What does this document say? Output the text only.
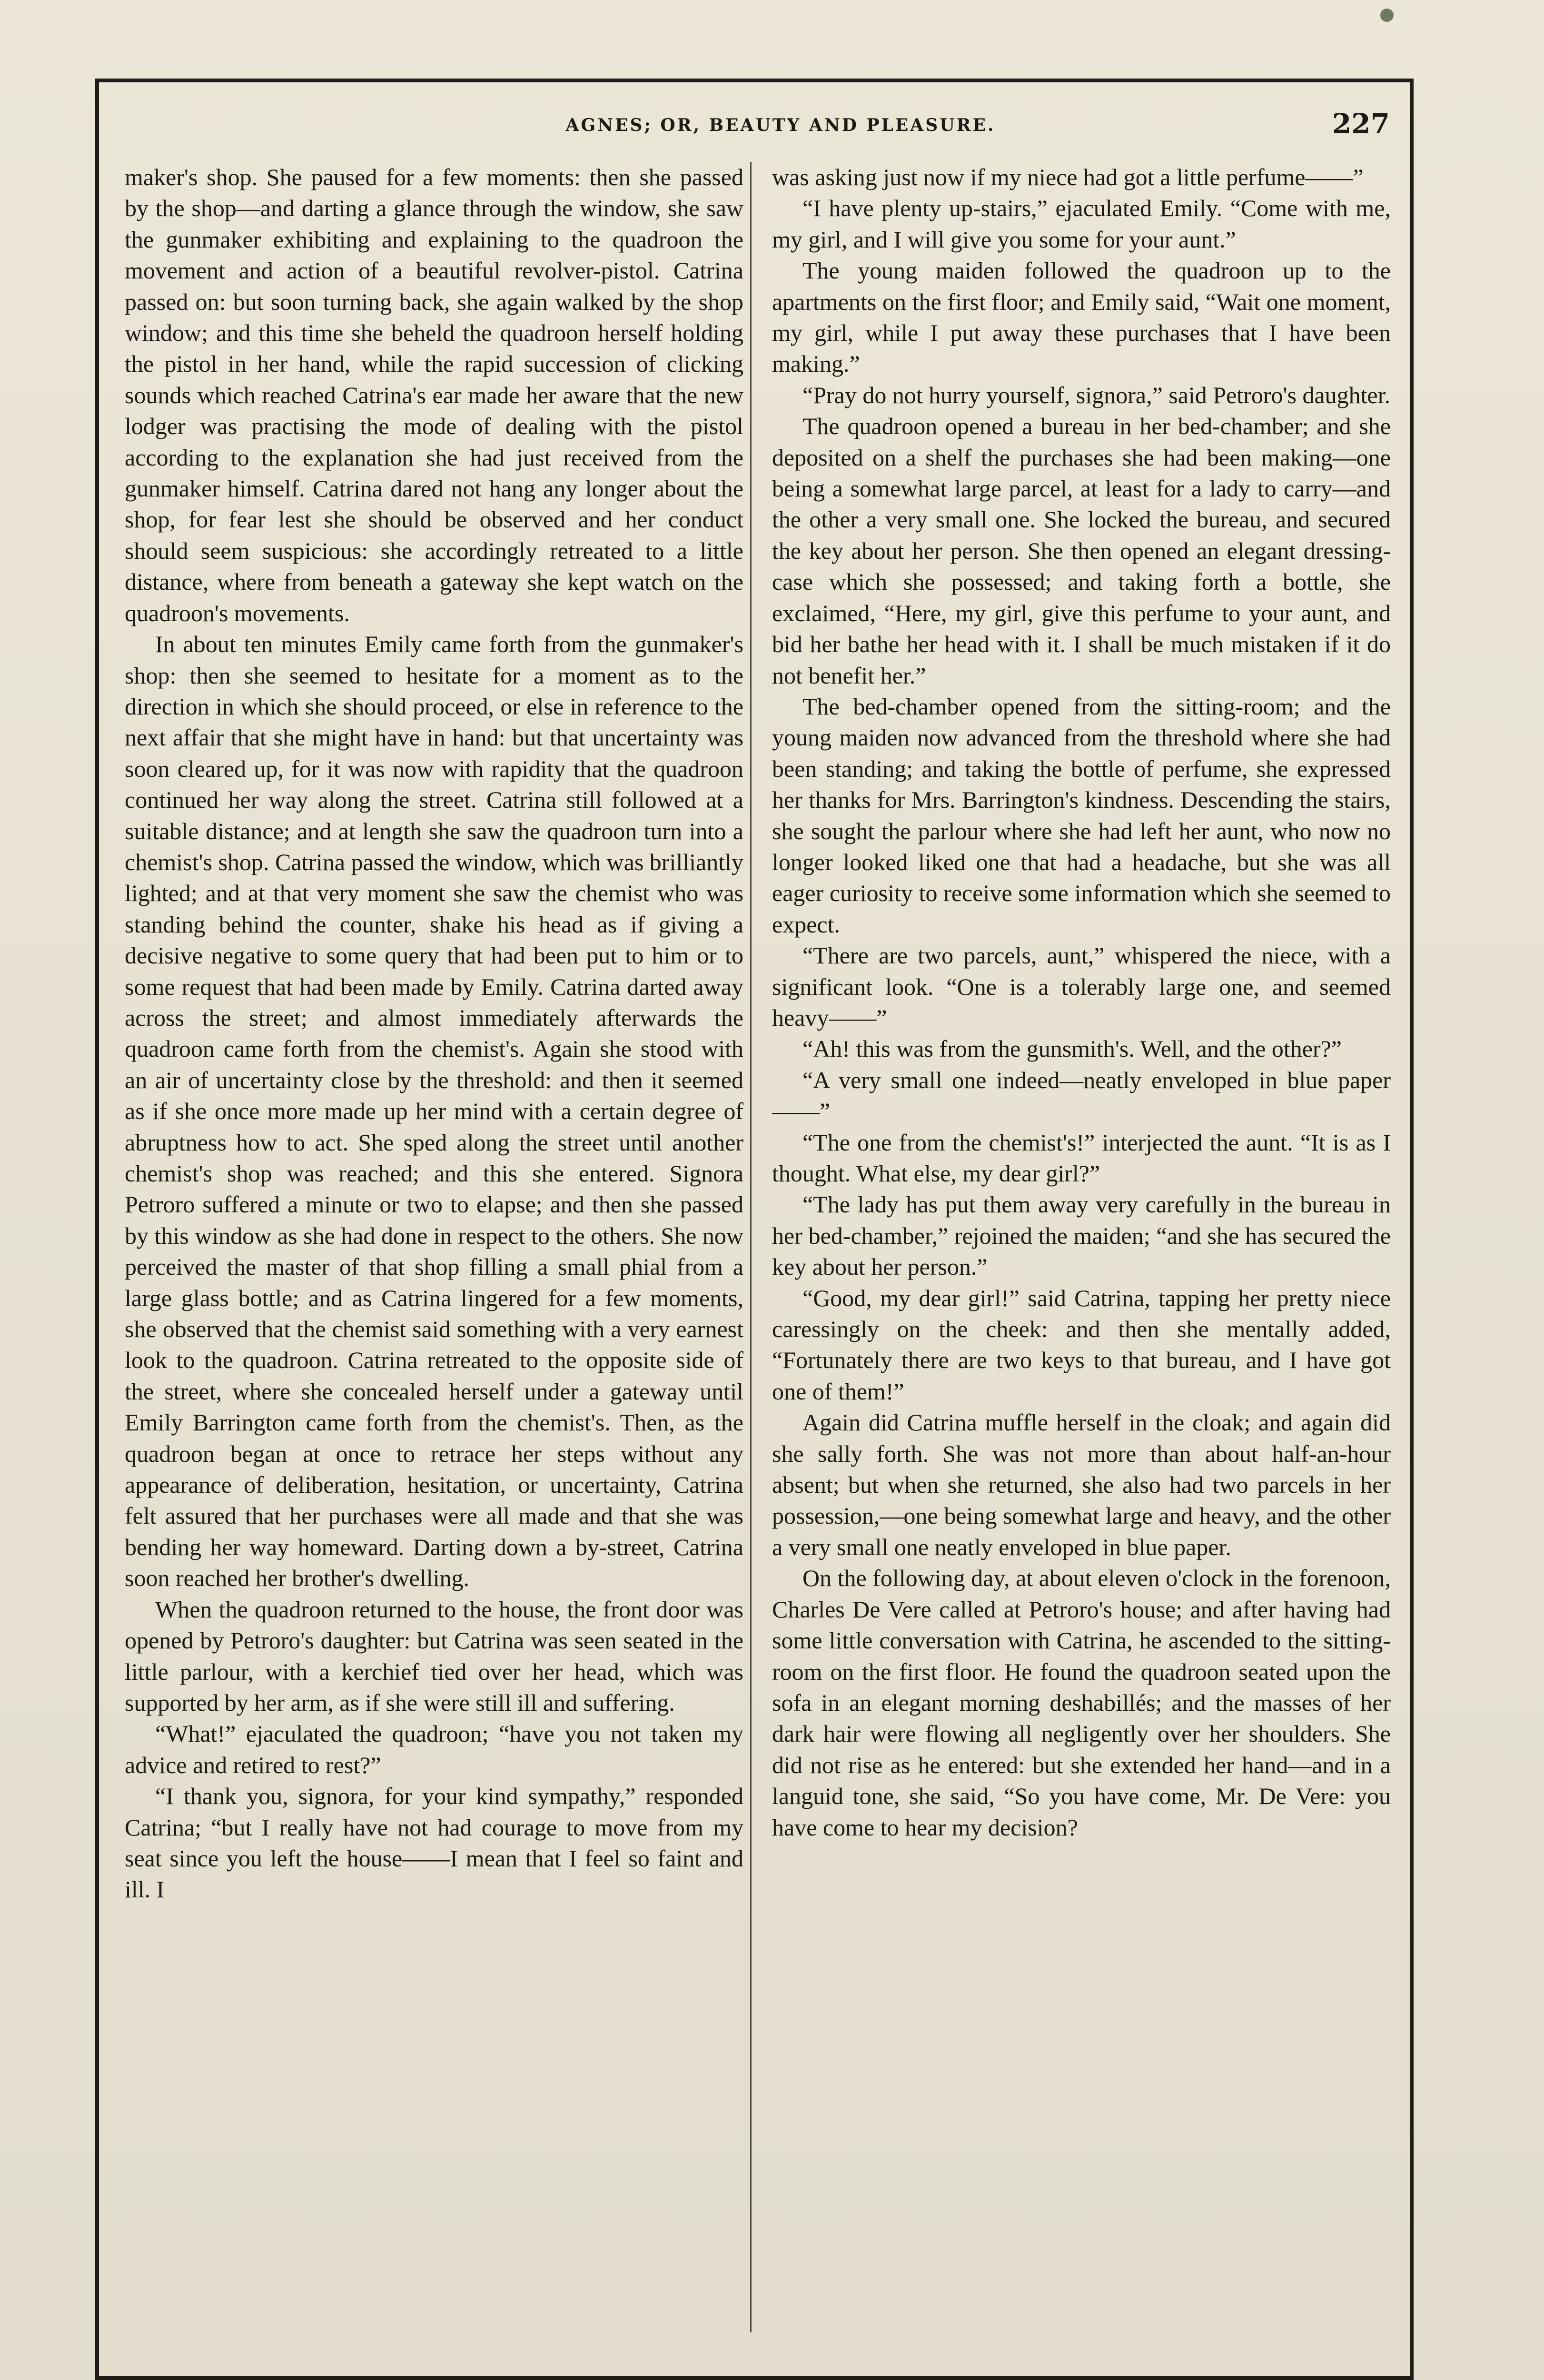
AGNES; OR, BEAUTY AND PLEASURE.	227

maker's shop. She paused for a few moments: then she passed by the shop—and darting a glance through the window, she saw the gunmaker exhibiting and explaining to the quadroon the movement and action of a beautiful revolver-pistol. Catrina passed on: but soon turning back, she again walked by the shop window; and this time she beheld the quadroon herself holding the pistol in her hand, while the rapid succession of clicking sounds which reached Catrina's ear made her aware that the new lodger was practising the mode of dealing with the pistol according to the explanation she had just received from the gunmaker himself. Catrina dared not hang any longer about the shop, for fear lest she should be observed and her conduct should seem suspicious: she accordingly retreated to a little distance, where from beneath a gateway she kept watch on the quadroon's movements.

In about ten minutes Emily came forth from the gunmaker's shop: then she seemed to hesitate for a moment as to the direction in which she should proceed, or else in reference to the next affair that she might have in hand: but that uncertainty was soon cleared up, for it was now with rapidity that the quadroon continued her way along the street. Catrina still followed at a suitable distance; and at length she saw the quadroon turn into a chemist's shop. Catrina passed the window, which was brilliantly lighted; and at that very moment she saw the chemist who was standing behind the counter, shake his head as if giving a decisive negative to some query that had been put to him or to some request that had been made by Emily. Catrina darted away across the street; and almost immediately afterwards the quadroon came forth from the chemist's. Again she stood with an air of uncertainty close by the threshold: and then it seemed as if she once more made up her mind with a certain degree of abruptness how to act. She sped along the street until another chemist's shop was reached; and this she entered. Signora Petroro suffered a minute or two to elapse; and then she passed by this window as she had done in respect to the others. She now perceived the master of that shop filling a small phial from a large glass bottle; and as Catrina lingered for a few moments, she observed that the chemist said something with a very earnest look to the quadroon. Catrina retreated to the opposite side of the street, where she concealed herself under a gateway until Emily Barrington came forth from the chemist's. Then, as the quadroon began at once to retrace her steps without any appearance of deliberation, hesitation, or uncertainty, Catrina felt assured that her purchases were all made and that she was bending her way homeward. Darting down a by-street, Catrina soon reached her brother's dwelling.

When the quadroon returned to the house, the front door was opened by Petroro's daughter: but Catrina was seen seated in the little parlour, with a kerchief tied over her head, which was supported by her arm, as if she were still ill and suffering.

“What!” ejaculated the quadroon; “have you not taken my advice and retired to rest?”

“I thank you, signora, for your kind sympathy,” responded Catrina; “but I really have not had courage to move from my seat since you left the house——I mean that I feel so faint and ill. I

was asking just now if my niece had got a little perfume——”

“I have plenty up-stairs,” ejaculated Emily. “Come with me, my girl, and I will give you some for your aunt.”

The young maiden followed the quadroon up to the apartments on the first floor; and Emily said, “Wait one moment, my girl, while I put away these purchases that I have been making.”

“Pray do not hurry yourself, signora,” said Petroro's daughter.

The quadroon opened a bureau in her bed-chamber; and she deposited on a shelf the purchases she had been making—one being a somewhat large parcel, at least for a lady to carry—and the other a very small one. She locked the bureau, and secured the key about her person. She then opened an elegant dressing-case which she possessed; and taking forth a bottle, she exclaimed, “Here, my girl, give this perfume to your aunt, and bid her bathe her head with it. I shall be much mistaken if it do not benefit her.”

The bed-chamber opened from the sitting-room; and the young maiden now advanced from the threshold where she had been standing; and taking the bottle of perfume, she expressed her thanks for Mrs. Barrington's kindness. Descending the stairs, she sought the parlour where she had left her aunt, who now no longer looked liked one that had a headache, but she was all eager curiosity to receive some information which she seemed to expect.

“There are two parcels, aunt,” whispered the niece, with a significant look. “One is a tolerably large one, and seemed heavy——”

“Ah! this was from the gunsmith's. Well, and the other?”

“A very small one indeed—neatly enveloped in blue paper——”

“The one from the chemist's!” interjected the aunt. “It is as I thought. What else, my dear girl?”

“The lady has put them away very carefully in the bureau in her bed-chamber,” rejoined the maiden; “and she has secured the key about her person.”

“Good, my dear girl!” said Catrina, tapping her pretty niece caressingly on the cheek: and then she mentally added, “Fortunately there are two keys to that bureau, and I have got one of them!”

Again did Catrina muffle herself in the cloak; and again did she sally forth. She was not more than about half-an-hour absent; but when she returned, she also had two parcels in her possession,—one being somewhat large and heavy, and the other a very small one neatly enveloped in blue paper.

On the following day, at about eleven o'clock in the forenoon, Charles De Vere called at Petroro's house; and after having had some little conversation with Catrina, he ascended to the sitting-room on the first floor. He found the quadroon seated upon the sofa in an elegant morning deshabillés; and the masses of her dark hair were flowing all negligently over her shoulders. She did not rise as he entered: but she extended her hand—and in a languid tone, she said, “So you have come, Mr. De Vere: you have come to hear my decision?
